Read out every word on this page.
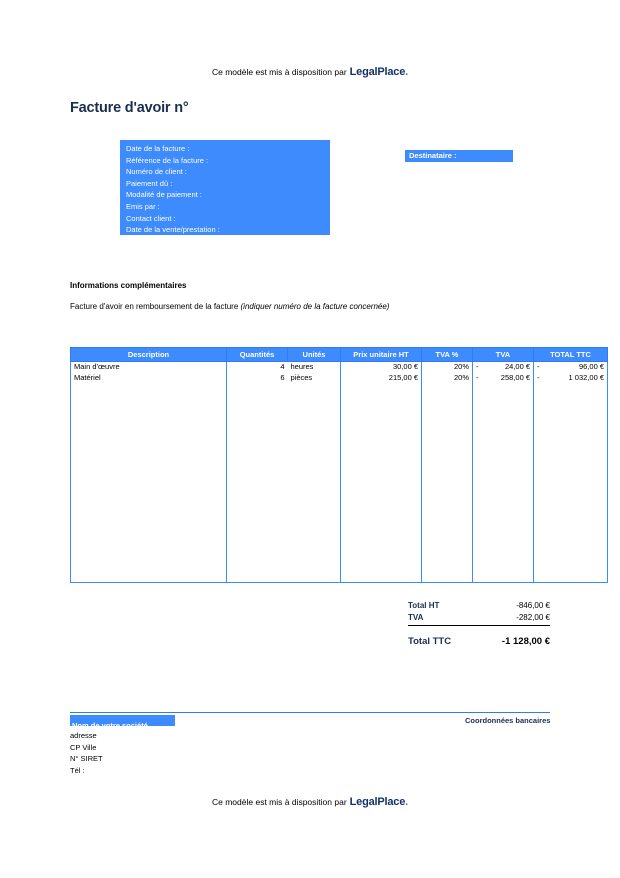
Ce modèle est mis à disposition par LegalPlace.
Facture d'avoir n°
Date de la facture :
Référence de la facture :
Numéro de client :
Paiement dû :
Modalité de paiement :
Emis par :
Contact client :
Date de la vente/prestation :
Destinataire :
Informations complémentaires
Facture d'avoir en remboursement de la facture (indiquer numéro de la facture concernée)
Description	Quantités	Unités	Prix unitaire HT	TVA %	TVA	TOTAL TTC
Main d'œuvre	4	heures	30,00 €	20%	- 24,00 €	- 96,00 €

Matériel	6	pièces	215,00 €	20%	- 258,00 €	- 1 032,00 €

Total HT	-846,00 €
TVA	-282,00 €
Total TTC	-1 128,00 €
Nom de votre société
adresse
CP Ville
N° SIRET
Tél :
Coordonnées bancaires
Ce modèle est mis à disposition par LegalPlace.
